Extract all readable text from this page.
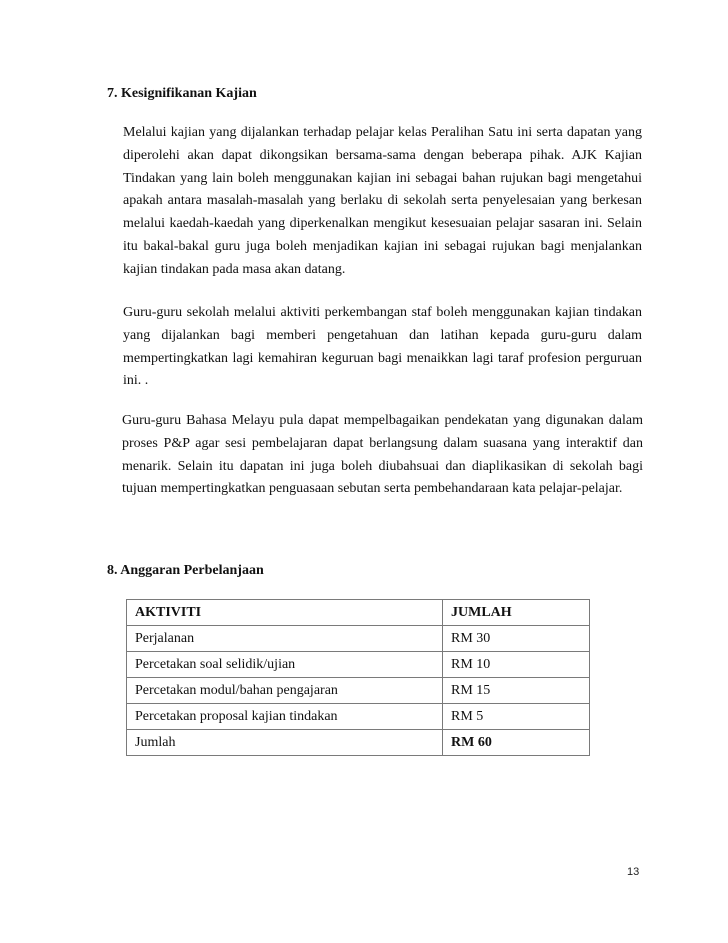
7. Kesignifikanan Kajian

Melalui kajian yang dijalankan terhadap pelajar kelas Peralihan Satu ini serta dapatan yang diperolehi akan dapat dikongsikan bersama-sama dengan beberapa pihak. AJK Kajian Tindakan yang lain boleh menggunakan kajian ini sebagai bahan rujukan bagi mengetahui apakah antara masalah-masalah yang berlaku di sekolah serta penyelesaian yang berkesan melalui kaedah-kaedah yang diperkenalkan mengikut kesesuaian pelajar sasaran ini. Selain itu bakal-bakal guru juga boleh menjadikan kajian ini sebagai rujukan bagi menjalankan kajian tindakan pada masa akan datang.

Guru-guru sekolah melalui aktiviti perkembangan staf boleh menggunakan kajian tindakan yang dijalankan bagi memberi pengetahuan dan latihan kepada guru-guru dalam mempertingkatkan lagi kemahiran keguruan bagi menaikkan lagi taraf profesion perguruan ini. .

Guru-guru Bahasa Melayu pula dapat mempelbagaikan pendekatan yang digunakan dalam proses P&P agar sesi pembelajaran dapat berlangsung dalam suasana yang interaktif dan menarik. Selain itu dapatan ini juga boleh diubahsuai dan diaplikasikan di sekolah bagi tujuan mempertingkatkan penguasaan sebutan serta pembehandaraan kata pelajar-pelajar.

8. Anggaran Perbelanjaan
AKTIVITI	JUMLAH
Perjalanan	RM 30
Percetakan soal selidik/ujian	RM 10
Percetakan modul/bahan pengajaran	RM 15
Percetakan proposal kajian tindakan	RM 5
Jumlah	RM 60
13
